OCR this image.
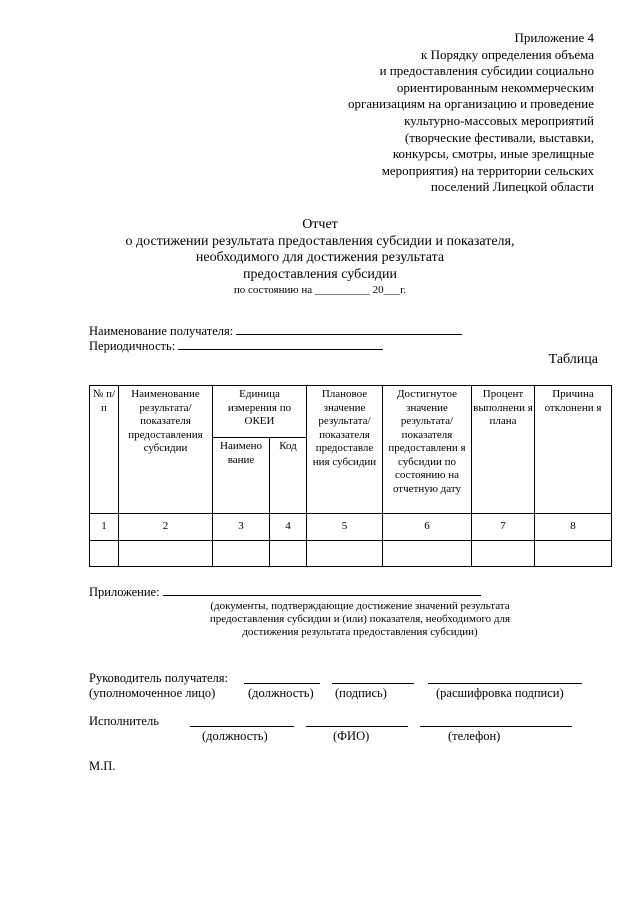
Приложение 4
к Порядку определения объема
и предоставления субсидии социально
ориентированным некоммерческим
организациям на организацию и проведение
культурно-массовых мероприятий
(творческие фестивали, выставки,
конкурсы, смотры, иные зрелищные
мероприятия) на территории сельских
поселений Липецкой области
Отчет
о достижении результата предоставления субсидии и показателя,
необходимого для достижения результата
предоставления субсидии
по состоянию на __________ 20___г.
Наименование получателя:
Периодичность:
Таблица
№ п/п	Наименование результата/ показателя предоставления субсидии	Единица измерения по ОКЕИ		Плановое значение результата/ показателя предоставле ния субсидии	Достигнутое значение результата/ показателя предоставлени я субсидии по состоянию на отчетную дату	Процент выполнени я плана	Причина отклонени я
		Наимено вание	Код				
1	2	3	4	5	6	7	8

Приложение:
(документы, подтверждающие достижение значений результата
предоставления субсидии и (или) показателя, необходимого для
достижения результата предоставления субсидии)
Руководитель получателя:
(уполномоченное лицо)	(должность) (подпись)	(расшифровка подписи)
Исполнитель
(должность)	(ФИО)	(телефон)
М.П.
